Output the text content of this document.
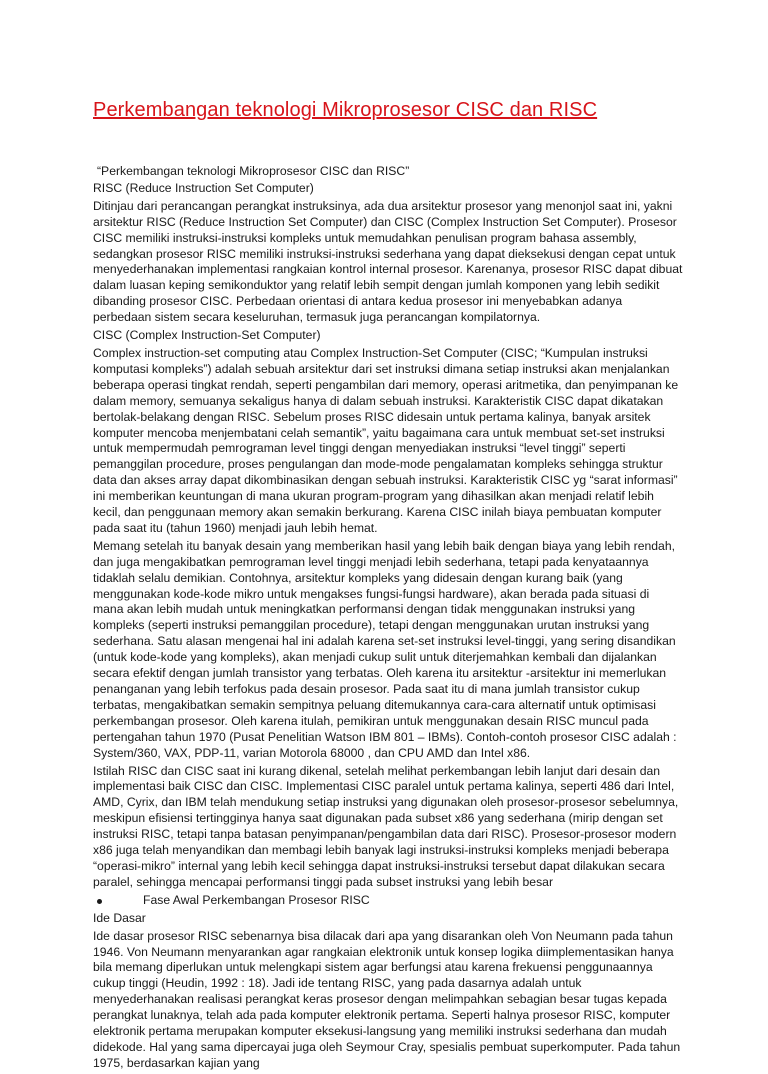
Perkembangan teknologi Mikroprosesor CISC dan RISC

“Perkembangan teknologi Mikroprosesor CISC dan RISC”

RISC (Reduce Instruction Set Computer)

Ditinjau dari perancangan perangkat instruksinya, ada dua arsitektur prosesor yang menonjol saat ini, yakni arsitektur RISC (Reduce Instruction Set Computer) dan CISC (Complex Instruction Set Computer). Prosesor CISC memiliki instruksi-instruksi kompleks untuk memudahkan penulisan program bahasa assembly, sedangkan prosesor RISC memiliki instruksi-instruksi sederhana yang dapat dieksekusi dengan cepat untuk menyederhanakan implementasi rangkaian kontrol internal prosesor. Karenanya, prosesor RISC dapat dibuat dalam luasan keping semikonduktor yang relatif lebih sempit dengan jumlah komponen yang lebih sedikit dibanding prosesor CISC. Perbedaan orientasi di antara kedua prosesor ini menyebabkan adanya perbedaan sistem secara keseluruhan, termasuk juga perancangan kompilatornya.

CISC (Complex Instruction-Set Computer)

Complex instruction-set computing atau Complex Instruction-Set Computer (CISC; “Kumpulan instruksi komputasi kompleks”) adalah sebuah arsitektur dari set instruksi dimana setiap instruksi akan menjalankan beberapa operasi tingkat rendah, seperti pengambilan dari memory, operasi aritmetika, dan penyimpanan ke dalam memory, semuanya sekaligus hanya di dalam sebuah instruksi. Karakteristik CISC dapat dikatakan bertolak-belakang dengan RISC. Sebelum proses RISC didesain untuk pertama kalinya, banyak arsitek komputer mencoba menjembatani celah semantik”, yaitu bagaimana cara untuk membuat set-set instruksi untuk mempermudah pemrograman level tinggi dengan menyediakan instruksi “level tinggi” seperti pemanggilan procedure, proses pengulangan dan mode-mode pengalamatan kompleks sehingga struktur data dan akses array dapat dikombinasikan dengan sebuah instruksi. Karakteristik CISC yg “sarat informasi” ini memberikan keuntungan di mana ukuran program-program yang dihasilkan akan menjadi relatif lebih kecil, dan penggunaan memory akan semakin berkurang. Karena CISC inilah biaya pembuatan komputer pada saat itu (tahun 1960) menjadi jauh lebih hemat.

Memang setelah itu banyak desain yang memberikan hasil yang lebih baik dengan biaya yang lebih rendah, dan juga mengakibatkan pemrograman level tinggi menjadi lebih sederhana, tetapi pada kenyataannya tidaklah selalu demikian. Contohnya, arsitektur kompleks yang didesain dengan kurang baik (yang menggunakan kode-kode mikro untuk mengakses fungsi-fungsi hardware), akan berada pada situasi di mana akan lebih mudah untuk meningkatkan performansi dengan tidak menggunakan instruksi yang kompleks (seperti instruksi pemanggilan procedure), tetapi dengan menggunakan urutan instruksi yang sederhana. Satu alasan mengenai hal ini adalah karena set-set instruksi level-tinggi, yang sering disandikan (untuk kode-kode yang kompleks), akan menjadi cukup sulit untuk diterjemahkan kembali dan dijalankan secara efektif dengan jumlah transistor yang terbatas. Oleh karena itu arsitektur -arsitektur ini memerlukan penanganan yang lebih terfokus pada desain prosesor. Pada saat itu di mana jumlah transistor cukup terbatas, mengakibatkan semakin sempitnya peluang ditemukannya cara-cara alternatif untuk optimisasi perkembangan prosesor. Oleh karena itulah, pemikiran untuk menggunakan desain RISC muncul pada pertengahan tahun 1970 (Pusat Penelitian Watson IBM 801 – IBMs). Contoh-contoh prosesor CISC adalah : System/360, VAX, PDP-11, varian Motorola 68000 , dan CPU AMD dan Intel x86.

Istilah RISC dan CISC saat ini kurang dikenal, setelah melihat perkembangan lebih lanjut dari desain dan implementasi baik CISC dan CISC. Implementasi CISC paralel untuk pertama kalinya, seperti 486 dari Intel, AMD, Cyrix, dan IBM telah mendukung setiap instruksi yang digunakan oleh prosesor-prosesor sebelumnya, meskipun efisiensi tertingginya hanya saat digunakan pada subset x86 yang sederhana (mirip dengan set instruksi RISC, tetapi tanpa batasan penyimpanan/pengambilan data dari RISC). Prosesor-prosesor modern x86 juga telah menyandikan dan membagi lebih banyak lagi instruksi-instruksi kompleks menjadi beberapa “operasi-mikro” internal yang lebih kecil sehingga dapat instruksi-instruksi tersebut dapat dilakukan secara paralel, sehingga mencapai performansi tinggi pada subset instruksi yang lebih besar

Fase Awal Perkembangan Prosesor RISC

Ide Dasar

Ide dasar prosesor RISC sebenarnya bisa dilacak dari apa yang disarankan oleh Von Neumann pada tahun 1946. Von Neumann menyarankan agar rangkaian elektronik untuk konsep logika diimplementasikan hanya bila memang diperlukan untuk melengkapi sistem agar berfungsi atau karena frekuensi penggunaannya cukup tinggi (Heudin, 1992 : 18). Jadi ide tentang RISC, yang pada dasarnya adalah untuk menyederhanakan realisasi perangkat keras prosesor dengan melimpahkan sebagian besar tugas kepada perangkat lunaknya, telah ada pada komputer elektronik pertama. Seperti halnya prosesor RISC, komputer elektronik pertama merupakan komputer eksekusi-langsung yang memiliki instruksi sederhana dan mudah didekode. Hal yang sama dipercayai juga oleh Seymour Cray, spesialis pembuat superkomputer. Pada tahun 1975, berdasarkan kajian yang
